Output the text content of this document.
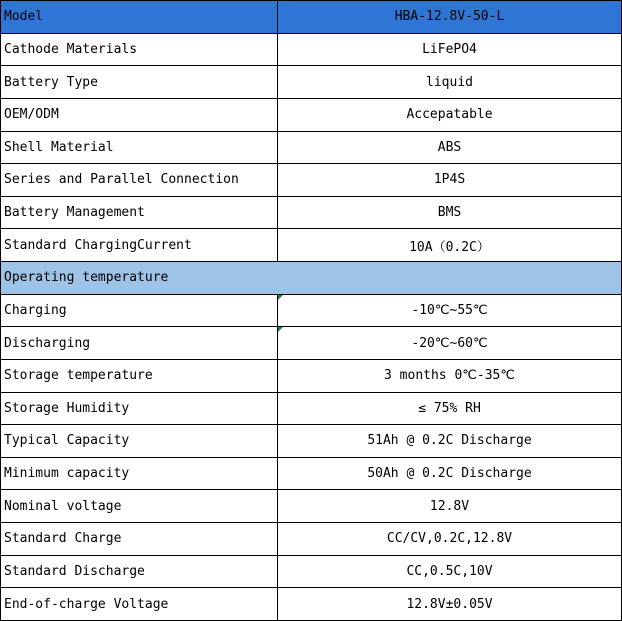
Model	HBA-12.8V-50-L
Cathode Materials	LiFePO4
Battery Type	liquid
OEM/ODM	Accepatable
Shell Material	ABS
Series and Parallel Connection	1P4S
Battery Management	BMS
Standard ChargingCurrent	10A（0.2C）
Operating temperature	
Charging	-10℃~55℃
Discharging	-20℃~60℃
Storage temperature	3 months 0℃-35℃
Storage Humidity	≤ 75% RH
Typical Capacity	51Ah @ 0.2C Discharge
Minimum capacity	50Ah @ 0.2C Discharge
Nominal voltage	12.8V
Standard Charge	CC/CV,0.2C,12.8V
Standard Discharge	CC,0.5C,10V
End-of-charge Voltage	12.8V±0.05V
